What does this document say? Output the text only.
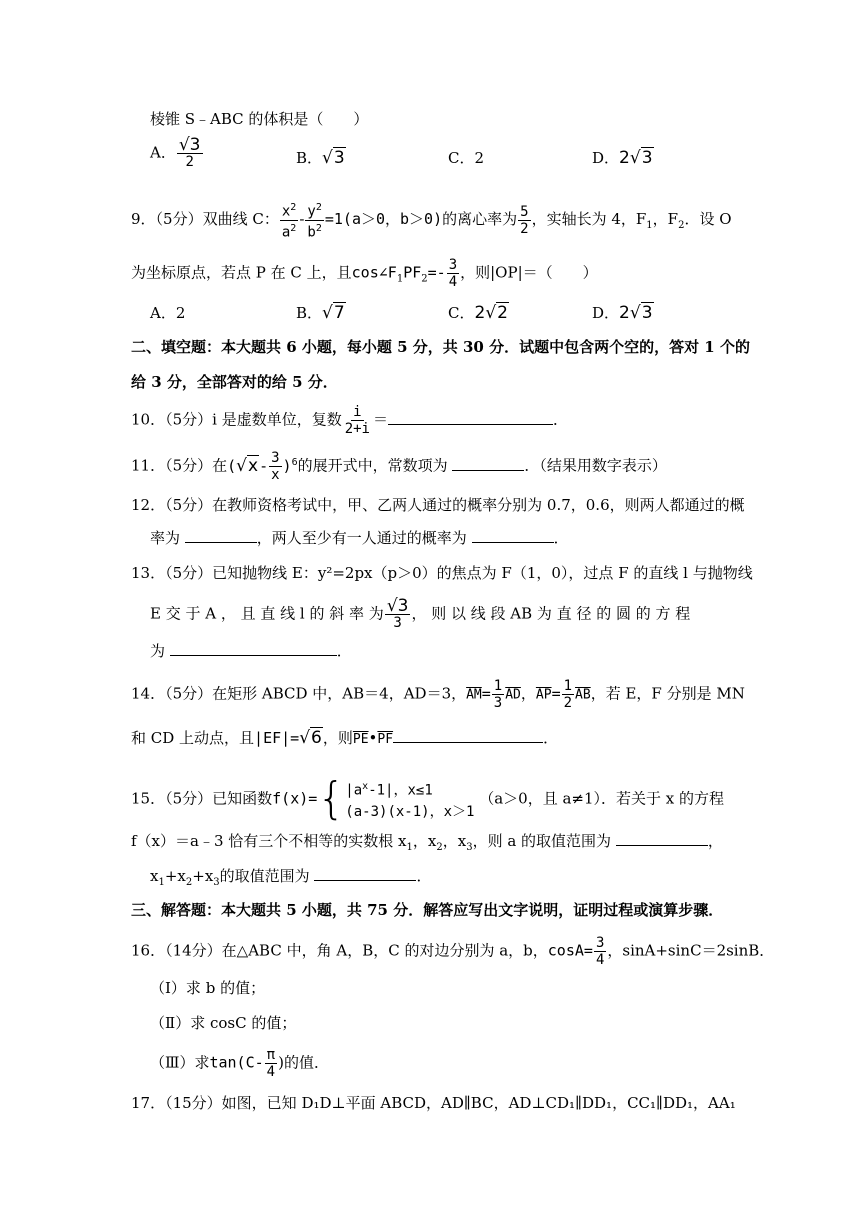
棱锥 S﹣ABC 的体积是（　　）
A． $\frac{√3}{2}$	B．√3	C．2	D．2√3
9．（5分）双曲线 C： $\frac{x^2}{a^2} - \frac{y^2}{b^2} =1(a>0$，b＞0)的离心率为 $\frac{5}{2}$ ，实轴长为 4，$F_1$，$F_2$．设 O
为坐标原点，若点 P 在 C 上，且$\cos\angle F_1PF_2=- \frac{3}{4}$ ，则|OP|＝（　　）
A．2	B．√7	C．2√2	D．2√3
二、填空题：本大题共 6 小题，每小题 5 分，共 30 分．试题中包含两个空的，答对 1 个的
给 3 分，全部答对的给 5 分．
10．（5分）i 是虚数单位，复数 $\frac{i}{2+i}$ ＝	．
11．（5分）在$(√x- \frac{3}{x} )^6$的展开式中，常数项为	．（结果用数字表示）
12．（5分）在教师资格考试中，甲、乙两人通过的概率分别为 0.7，0.6，则两人都通过的概
率为	，两人至少有一人通过的概率为	．
13．（5分）已知抛物线 E：y²=2px（p＞0）的焦点为 F（1，0），过点 F 的直线 l 与抛物线
E 交 于 A ， 且 直 线 l 的 斜 率 为 $\frac{√3}{3}$ ， 则 以 线 段 AB 为 直 径 的 圆 的 方 程
为	．
14．（5分）在矩形 ABCD 中，AB＝4，AD＝3，$\overline{AM}= \frac{1}{3} \overline{AD}$，$\overline{AP}= \frac{1}{2} \overline{AB}$，若 E，F 分别是 MN
和 CD 上动点，且|EF|=√6，则$\overline{PE}•\overline{PF}$	．
15．（5分）已知函数f(x)= { $|a^x-1|$，x≤1
(a-3)(x-1)，x＞1
（a＞0，且 a≠1）．若关于 x 的方程
f（x）＝a﹣3 恰有三个不相等的实数根 $x_1$，$x_2$，$x_3$，则 a 的取值范围为	，
$x_1+x_2+x_3$的取值范围为	．
三、解答题：本大题共 5 小题，共 75 分．解答应写出文字说明，证明过程或演算步骤．
16．（14分）在△ABC 中，角 A，B，C 的对边分别为 a，b，$\cos A= \frac{3}{4}$ ，sinA+sinC＝2sinB．
（Ⅰ）求 b 的值；
（Ⅱ）求 cosC 的值；
（Ⅲ）求$\tan(C- \frac{\pi}{4}$ )的值．
17．（15分）如图，已知 D₁D⊥平面 ABCD，AD∥BC，AD⊥CD₁∥DD₁，CC₁∥DD₁，AA₁
